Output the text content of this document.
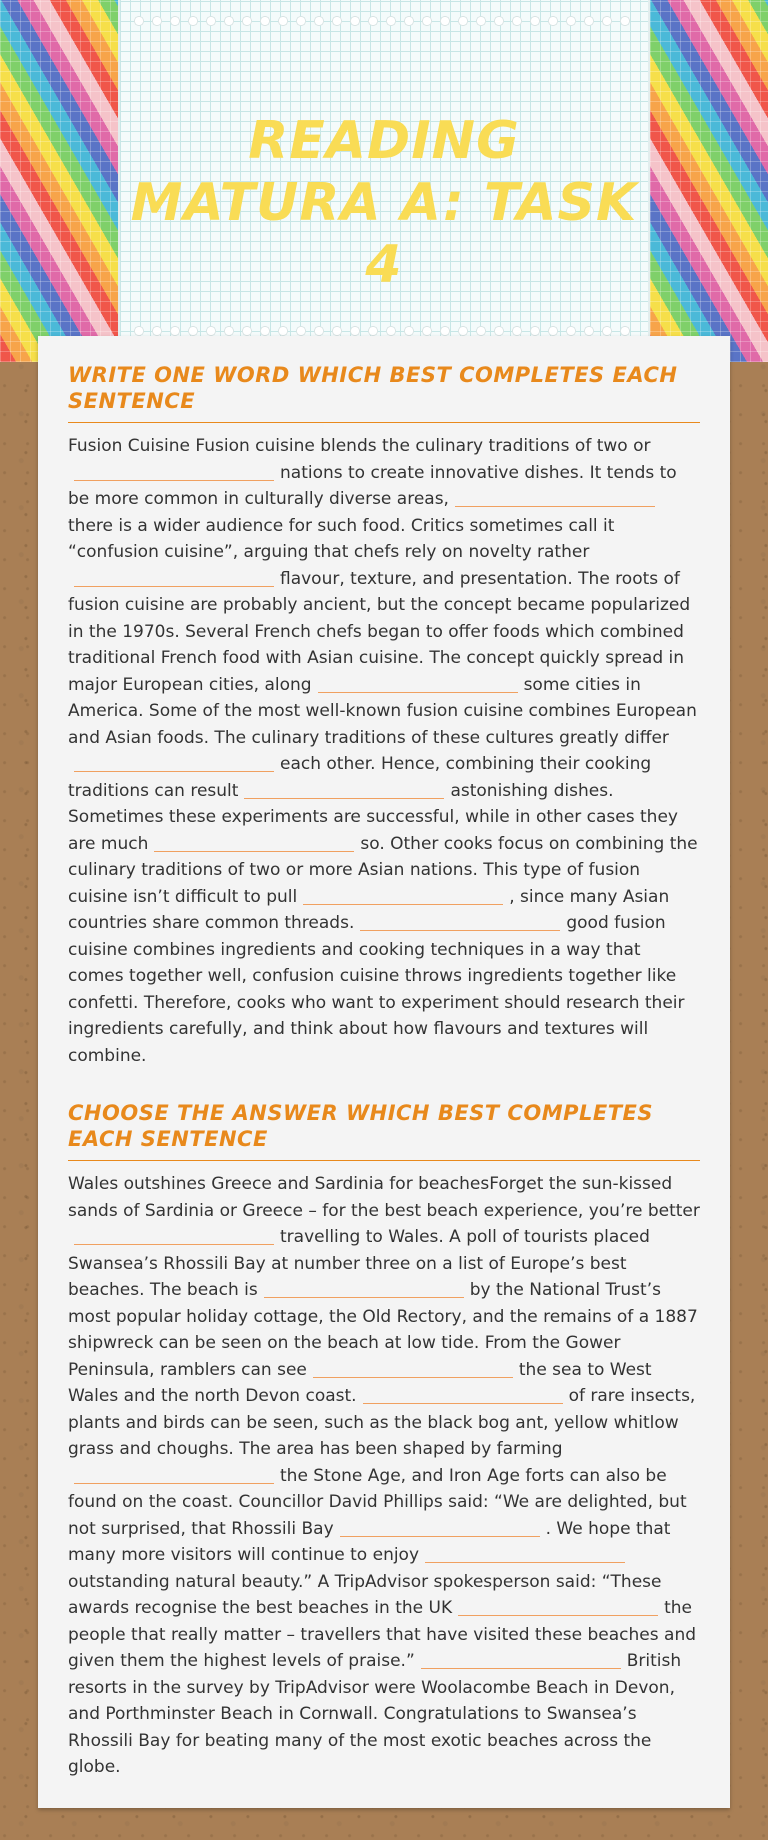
READING MATURA A: TASK 4
WRITE ONE WORD WHICH BEST COMPLETES EACH SENTENCE
Fusion Cuisine Fusion cuisine blends the culinary traditions of two ornations to create innovative dishes. It tends to be more common in culturally diverse areas,there is a wider audience for such food. Critics sometimes call it “confusion cuisine”, arguing that chefs rely on novelty ratherflavour, texture, and presentation. The roots of fusion cuisine are probably ancient, but the concept became popularized in the 1970s. Several French chefs began to offer foods which combined traditional French food with Asian cuisine. The concept quickly spread in major European cities, along	some cities in America. Some of the most well-known fusion cuisine combines European and Asian foods. The culinary traditions of these cultures greatly differeach other. Hence, combining their cooking traditions can result	astonishing dishes. Sometimes these experiments are successful, while in other cases they are much	so. Other cooks focus on combining the culinary traditions of two or more Asian nations. This type of fusion cuisine isn’t difficult to pull	, since many Asian countries share common threads.	good fusion cuisine combines ingredients and cooking techniques in a way that comes together well, confusion cuisine throws ingredients together like confetti. Therefore, cooks who want to experiment should research their ingredients carefully, and think about how flavours and textures will combine.
CHOOSE THE ANSWER WHICH BEST COMPLETES EACH SENTENCE
Wales outshines Greece and Sardinia for beachesForget the sun-kissed sands of Sardinia or Greece – for the best beach experience, you’re bettertravelling to Wales. A poll of tourists placed Swansea’s Rhossili Bay at number three on a list of Europe’s best beaches. The beach is	by the National Trust’s most popular holiday cottage, the Old Rectory, and the remains of a 1887 shipwreck can be seen on the beach at low tide. From the Gower Peninsula, ramblers can see	the sea to West Wales and the north Devon coast.	of rare insects, plants and birds can be seen, such as the black bog ant, yellow whitlow grass and choughs. The area has been shaped by farmingthe Stone Age, and Iron Age forts can also be found on the coast. Councillor David Phillips said: “We are delighted, but not surprised, that Rhossili Bay	. We hope that many more visitors will continue to enjoyoutstanding natural beauty.” A TripAdvisor spokesperson said: “These awards recognise the best beaches in the UK	the people that really matter – travellers that have visited these beaches and given them the highest levels of praise.”	British resorts in the survey by TripAdvisor were Woolacombe Beach in Devon, and Porthminster Beach in Cornwall. Congratulations to Swansea’s Rhossili Bay for beating many of the most exotic beaches across the globe.
